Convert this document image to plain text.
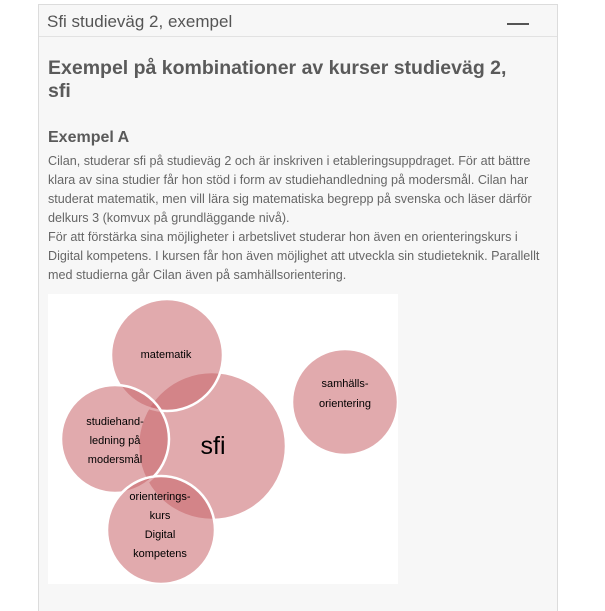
Sfi studieväg 2, exempel
Exempel på kombinationer av kurser studieväg 2, sfi
Exempel A

Cilan, studerar sfi på studieväg 2 och är inskriven i etableringsuppdraget. För att bättre klara av sina studier får hon stöd i form av studiehandledning på modersmål. Cilan har studerat matematik, men vill lära sig matematiska begrepp på svenska och läser därför delkurs 3 (komvux på grundläggande nivå).

För att förstärka sina möjligheter i arbetslivet studerar hon även en orienteringskurs i Digital kompetens. I kursen får hon även möjlighet att utveckla sin studieteknik. Parallellt med studierna går Cilan även på samhällsorientering.

matematik
sfi
samhälls-
orientering
studiehand-
ledning på
modersmål
orienterings-
kurs
Digital
kompetens
